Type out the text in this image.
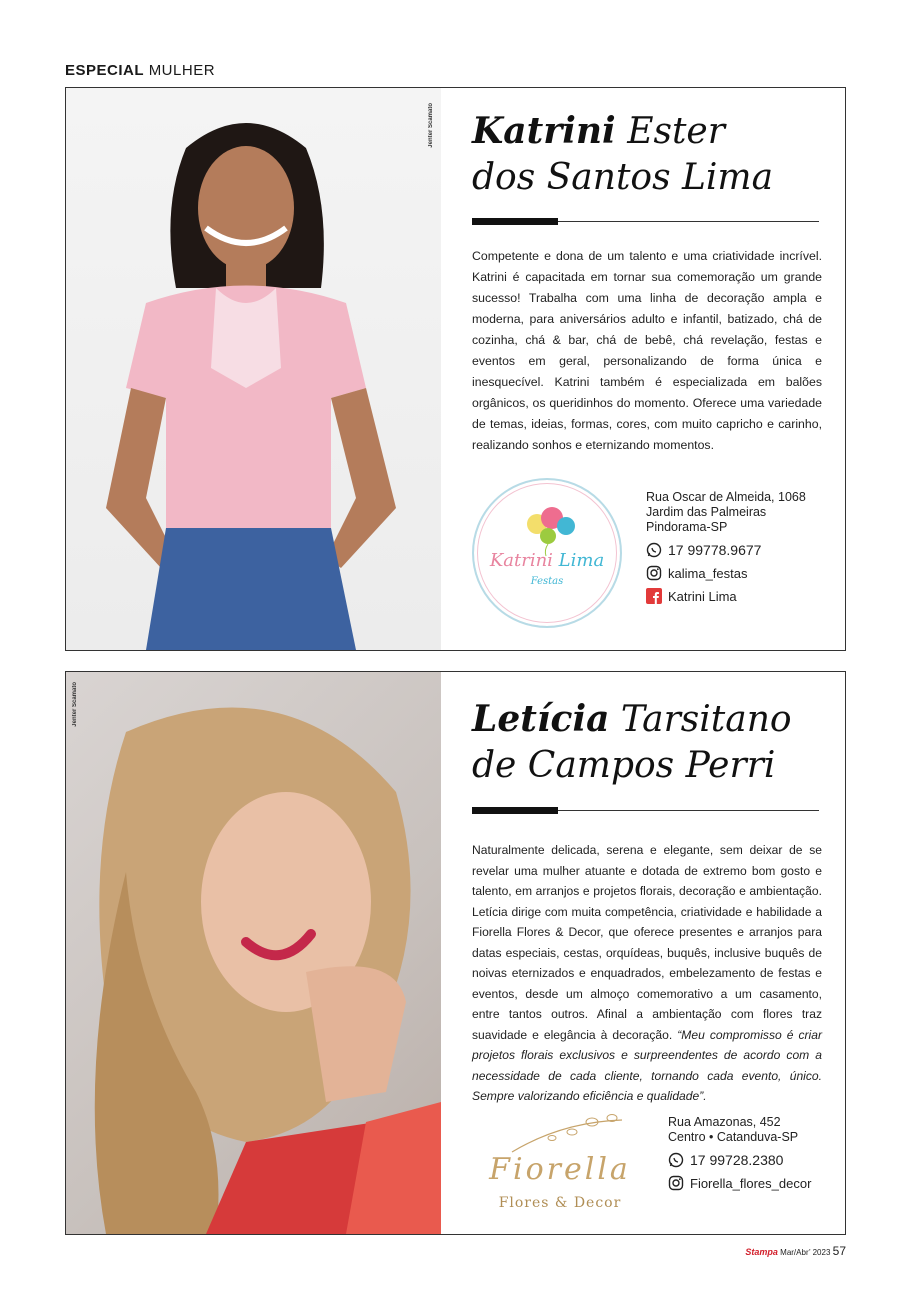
ESPECIAL MULHER
Jenter Scamato Katrini Ester
dos Santos Lima
Competente e dona de um talento e uma criatividade incrível. Katrini é capacitada em tornar sua comemoração um grande sucesso! Trabalha com uma linha de decoração ampla e moderna, para aniversários adulto e infantil, batizado, chá de cozinha, chá & bar, chá de bebê, chá revelação, festas e eventos em geral, personalizando de forma única e inesquecível. Katrini também é especializada em balões orgânicos, os queridinhos do momento. Oferece uma variedade de temas, ideias, formas, cores, com muito capricho e carinho, realizando sonhos e eternizando momentos.
Katrini Lima
Festas
Rua Oscar de Almeida, 1068
Jardim das Palmeiras
Pindorama-SP
17 99778.9677
kalima_festas
Katrini Lima
Jenter Scamato	Letícia Tarsitano
de Campos Perri
Naturalmente delicada, serena e elegante, sem deixar de se revelar uma mulher atuante e dotada de extremo bom gosto e talento, em arranjos e projetos florais, decoração e ambientação. Letícia dirige com muita competência, criatividade e habilidade a Fiorella Flores & Decor, que oferece presentes e arranjos para datas especiais, cestas, orquídeas, buquês, inclusive buquês de noivas eternizados e enquadrados, embelezamento de festas e eventos, desde um almoço comemorativo a um casamento, entre tantos outros. Afinal a ambientação com flores traz suavidade e elegância à decoração. “Meu compromisso é criar projetos florais exclusivos e surpreendentes de acordo com a necessidade de cada cliente, tornando cada evento, único. Sempre valorizando eficiência e qualidade”.
Fiorella
Flores & Decor
Rua Amazonas, 452
Centro • Catanduva-SP
17 99728.2380
Fiorella_flores_decor
Stampa Mar/Abr’ 2023 57
